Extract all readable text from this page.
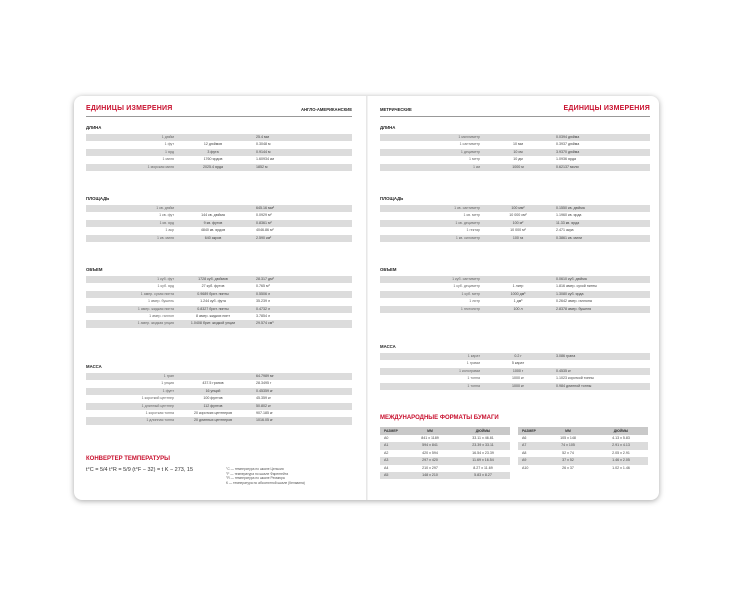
ЕДИНИЦЫ ИЗМЕРЕНИЯ	АНГЛО-АМЕРИКАНСКИЕ
ДЛИНА
1 дюйм	25.4 мм
1 фут	12 дюймов	0.3048 м
1 ярд	3 фута	0.9144 м
1 миля	1760 ярдов	1.60934 км
1 морская миля	2025.4 ярда	1852 м
ПЛОЩАДЬ
1 кв. дюйм	645.16 мм²
1 кв. фут	144 кв. дюйма	0.0929 м²
1 кв. ярд	9 кв. футов	0.8361 м²
1 акр	4840 кв. ярдов	4046.86 м²
1 кв. миля	640 акров	2.590 км²
ОБЪЕМ
1 куб. фут	1728 куб. дюймов	28.317 дм³
1 куб. ярд	27 куб. футов	0.765 м³
1 амер. сухая пинта	0.9689 брит. пинты	0.5506 л
1 амер. бушель	1.244 куб. фута	35.239 л
1 амер. жидкая пинта	0.8327 брит. пинты	0.4732 л
1 амер. галлон	8 амер. жидких пинт	3.7854 л
1 амер. жидкая унция	1.0408 брит. жидкой унции	29.574 см³
МАССА
1 гран	64.7989 мг
1 унция	437.5 гранов	28.3495 г
1 фунт	16 унций	0.45359 кг
1 короткий центнер	100 фунтов	45.359 кг
1 длинный центнер	112 фунтов	50.802 кг
1 короткая тонна	20 коротких центнеров	907.185 кг
1 длинная тонна	20 длинных центнеров	1016.05 кг
КОНВЕРТЕР ТЕМПЕРАТУРЫ
t°C = 5/4 t°R = 5/9 (t°F − 32) = t K − 273, 15	°C — температура по шкале Цельсия
°F — температура по шкале Фаренгейта
°R — температура по шкале Реомюра
К — температура по абсолютной шкале (Кельвина)
МЕТРИЧЕСКИЕ	ЕДИНИЦЫ ИЗМЕРЕНИЯ
ДЛИНА
1 миллиметр	0.0394 дюйма
1 сантиметр	10 мм	0.3937 дюйма
1 дециметр	10 см	3.9370 дюйма
1 метр	10 дм	1.0936 ярда
1 км	1000 м	0.62137 мили
ПЛОЩАДЬ
1 кв. сантиметр	100 мм²	0.1550 кв. дюйма
1 кв. метр	10 000 см²	1.1960 кв. ярда
1 кв. дециметр	100 м²	11.33 кв. ярда
1 гектар	10 000 м²	2.471 акра
1 кв. километр	100 га	0.3861 кв. мили
ОБЪЕМ
1 куб. сантиметр	0.0610 куб. дюйма
1 куб. дециметр	1 литр	1.816 амер. сухой пинты
1 куб. метр	1000 дм³	1.3080 куб. ярда
1 литр	1 дм³	0.2642 амер. галлона
1 гектолитр	100 л	2.8378 амер. бушеля
МАССА
1 карат	0.2 г	3.086 грана
1 грамм	5 карат
1 килограмм	1000 г	0.4535 кг
1 тонна	1000 кг	1.1023 короткой тонны
1 тонна	1000 кг	0.984 длинной тонны
МЕЖДУНАРОДНЫЕ ФОРМАТЫ БУМАГИ
РАЗМЕР	ММ	ДЮЙМЫ
A0	841 x 1189	33.11 x 46.81
A1	594 x 841	23.39 x 33.11
A2	420 x 594	16.54 x 23.39
A3	297 x 420	11.69 x 16.54
A4	210 x 297	8.27 x 11.69
A5	148 x 210	5.83 x 8.27
РАЗМЕР	ММ	ДЮЙМЫ
A6	105 x 148	4.13 x 5.83
A7	74 x 105	2.91 x 4.13
A8	52 x 74	2.05 x 2.91
A9	37 x 52	1.46 x 2.05
A10	26 x 37	1.02 x 1.46
